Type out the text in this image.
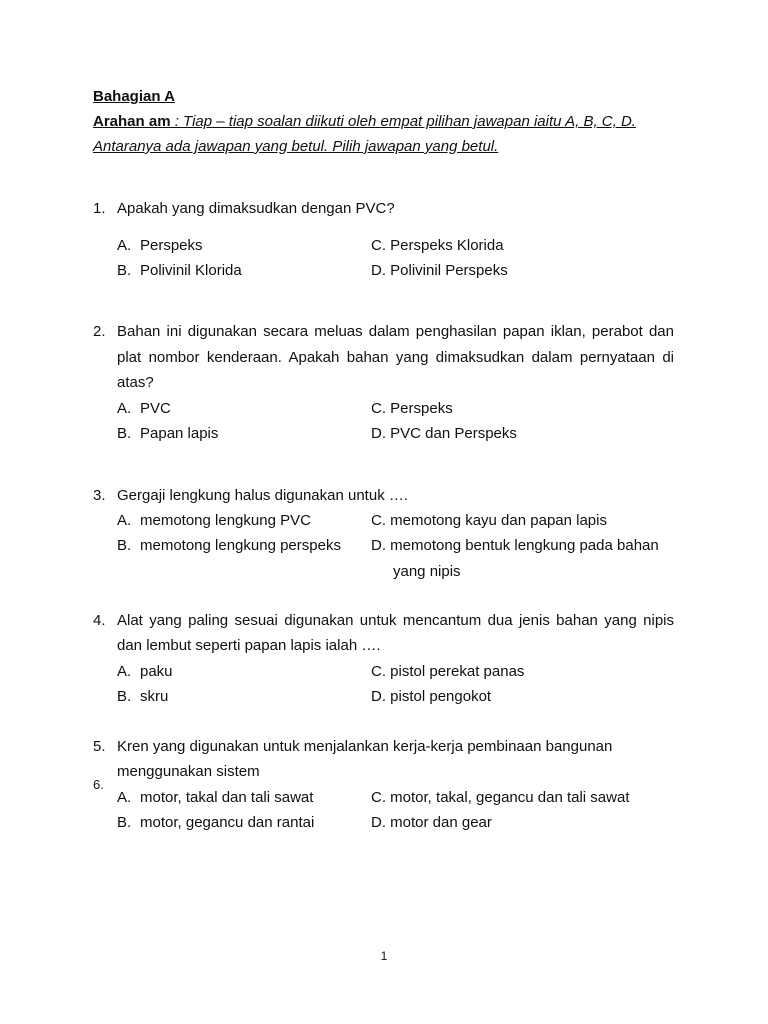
Bahagian A
Arahan am : Tiap – tiap soalan diikuti oleh empat pilihan jawapan iaitu A, B, C, D.
Antaranya ada jawapan yang betul. Pilih jawapan yang betul.
1. Apakah yang dimaksudkan dengan PVC?
A. Perspeks
B. Polivinil Klorida
C. Perspeks Klorida
D. Polivinil Perspeks
2. Bahan ini digunakan secara meluas dalam penghasilan papan iklan, perabot dan
plat nombor kenderaan. Apakah bahan yang dimaksudkan dalam pernyataan di
atas?
A. PVC
B. Papan lapis
C. Perspeks
D. PVC dan Perspeks
3. Gergaji lengkung halus digunakan untuk ….
A. memotong lengkung PVC
B. memotong lengkung perspeks
C. memotong kayu dan papan lapis
D. memotong bentuk lengkung pada bahan
yang nipis
4. Alat yang paling sesuai digunakan untuk mencantum dua jenis bahan yang nipis
dan lembut seperti papan lapis ialah ….
A. paku
B. skru
C. pistol perekat panas
D. pistol pengokot
5. Kren yang digunakan untuk menjalankan kerja-kerja pembinaan bangunan
menggunakan sistem
6.
A. motor, takal dan tali sawat
B. motor, gegancu dan rantai
C. motor, takal, gegancu dan tali sawat
D. motor dan gear
1
